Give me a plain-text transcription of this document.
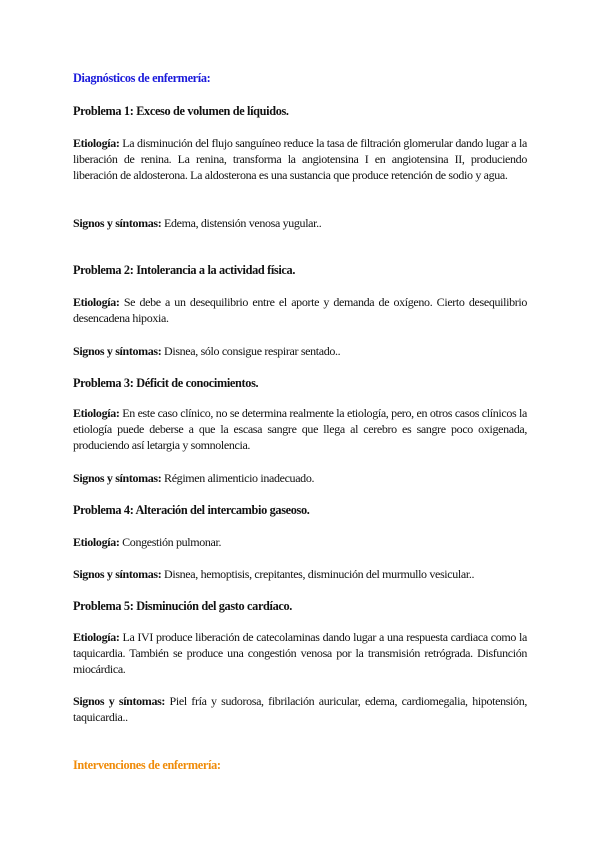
Diagnósticos de enfermería:

Problema 1: Exceso de volumen de líquidos.

Etiología: La disminución del flujo sanguíneo reduce la tasa de filtración glomerular dando lugar a la liberación de renina. La renina, transforma la angiotensina I en angiotensina II, produciendo liberación de aldosterona. La aldosterona es una sustancia que produce retención de sodio y agua.

Signos y síntomas: Edema, distensión venosa yugular..

Problema 2: Intolerancia a la actividad física.

Etiología: Se debe a un desequilibrio entre el aporte y demanda de oxígeno. Cierto desequilibrio desencadena hipoxia.

Signos y síntomas: Disnea, sólo consigue respirar sentado..

Problema 3: Déficit de conocimientos.

Etiología: En este caso clínico, no se determina realmente la etiología, pero, en otros casos clínicos la etiología puede deberse a que la escasa sangre que llega al cerebro es sangre poco oxigenada, produciendo así letargia y somnolencia.

Signos y síntomas: Régimen alimenticio inadecuado.

Problema 4: Alteración del intercambio gaseoso.

Etiología: Congestión pulmonar.

Signos y síntomas: Disnea, hemoptisis, crepitantes, disminución del murmullo vesicular..

Problema 5: Disminución del gasto cardíaco.

Etiología: La IVI produce liberación de catecolaminas dando lugar a una respuesta cardiaca como la taquicardia. También se produce una congestión venosa por la transmisión retrógrada. Disfunción miocárdica.

Signos y síntomas: Piel fría y sudorosa, fibrilación auricular, edema, cardiomegalia, hipotensión, taquicardia..

Intervenciones de enfermería:
